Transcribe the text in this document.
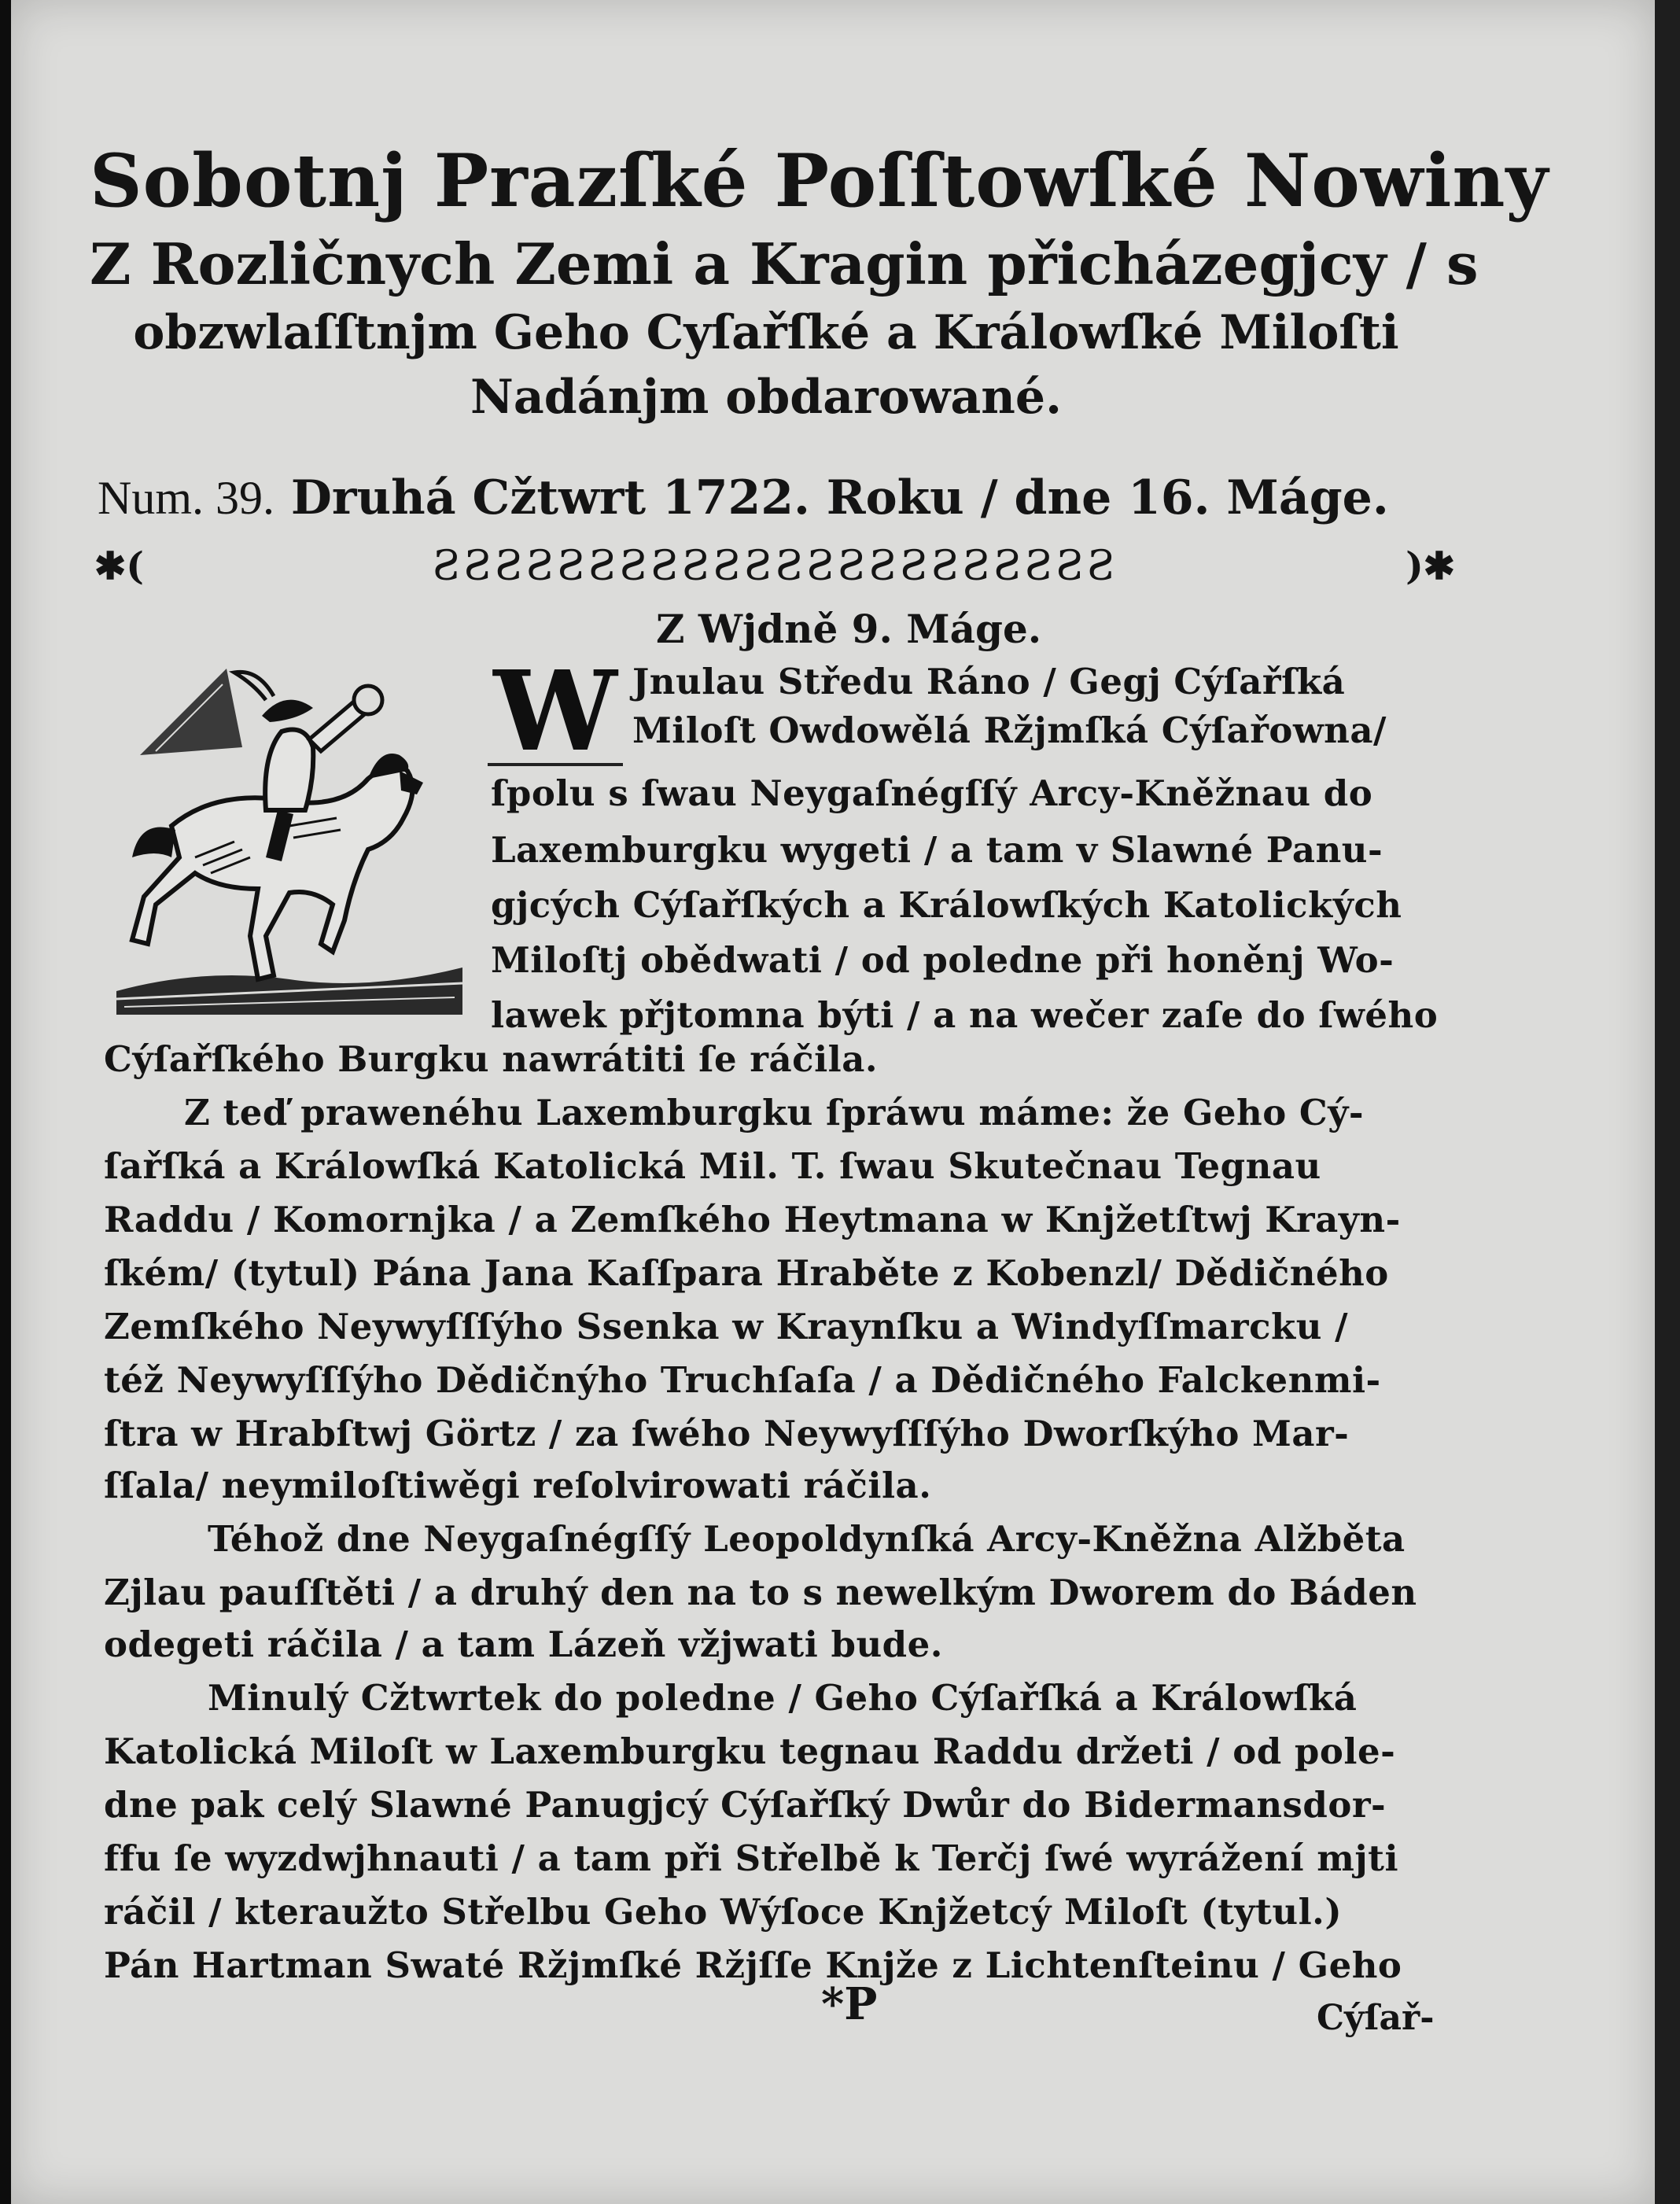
Sobotnj Prazſké Poſſtowſké Nowiny
Z Rozličnych Zemi a Kragin přicházegjcy / s
obzwlaſſtnjm Geho Cyſařſké a Králowſké Miloſti
Nadánjm obdarowané.
Num. 39. Druhá Cžtwrt 1722. Roku / dne 16. Máge.
✱(	ƧƧƧƧƧƧƧƧƧƧƧƧƧƧƧƧƧƧƧƧƧƧ	)✱
Z Wjdně 9. Máge.
W Jnulau Středu Ráno / Gegj Cýſařſká
Miloſt Owdowělá Ržjmſká Cýſařowna/
ſpolu s ſwau Neygaſnégſſý Arcy-Kněžnau do
Laxemburgku wygeti / a tam v Slawné Panu-
gjcých Cýſařſkých a Králowſkých Katolických
Miloſtj obědwati / od poledne při honěnj Wo-
lawek přjtomna býti / a na wečer zaſe do ſwého
Cýſařſkého Burgku nawrátiti ſe ráčila.
Z teď prawenéhu Laxemburgku ſpráwu máme: že Geho Cý-
ſařſká a Králowſká Katolická Mil. T. ſwau Skutečnau Tegnau
Raddu / Komornjka / a Zemſkého Heytmana w Knjžetſtwj Krayn-
ſkém/ (tytul) Pána Jana Kaſſpara Hraběte z Kobenzl/ Dědičného
Zemſkého Neywyſſſýho Ssenka w Kraynſku a Windyſſmarcku /
též Neywyſſſýho Dědičnýho Truchſaſa / a Dědičného Falckenmi-
ſtra w Hrabſtwj Görtz / za ſwého Neywyſſſýho Dworſkýho Mar-
ſſala/ neymiloſtiwěgi reſolvirowati ráčila.
Téhož dne Neygaſnégſſý Leopoldynſká Arcy-Kněžna Alžběta
Zjlau pauſſtěti / a druhý den na to s newelkým Dworem do Báden
odegeti ráčila / a tam Lázeň vžjwati bude.
Minulý Cžtwrtek do poledne / Geho Cýſařſká a Králowſká
Katolická Miloſt w Laxemburgku tegnau Raddu držeti / od pole-
dne pak celý Slawné Panugjcý Cýſařſký Dwůr do Bidermansdor-
ffu ſe wyzdwjhnauti / a tam při Střelbě k Terčj ſwé wyrážení mjti
ráčil / kteraužto Střelbu Geho Wýſoce Knjžetcý Miloſt (tytul.)
Pán Hartman Swaté Ržjmſké Ržjſſe Knjže z Lichtenſteinu / Geho
*P	Cýſař-
